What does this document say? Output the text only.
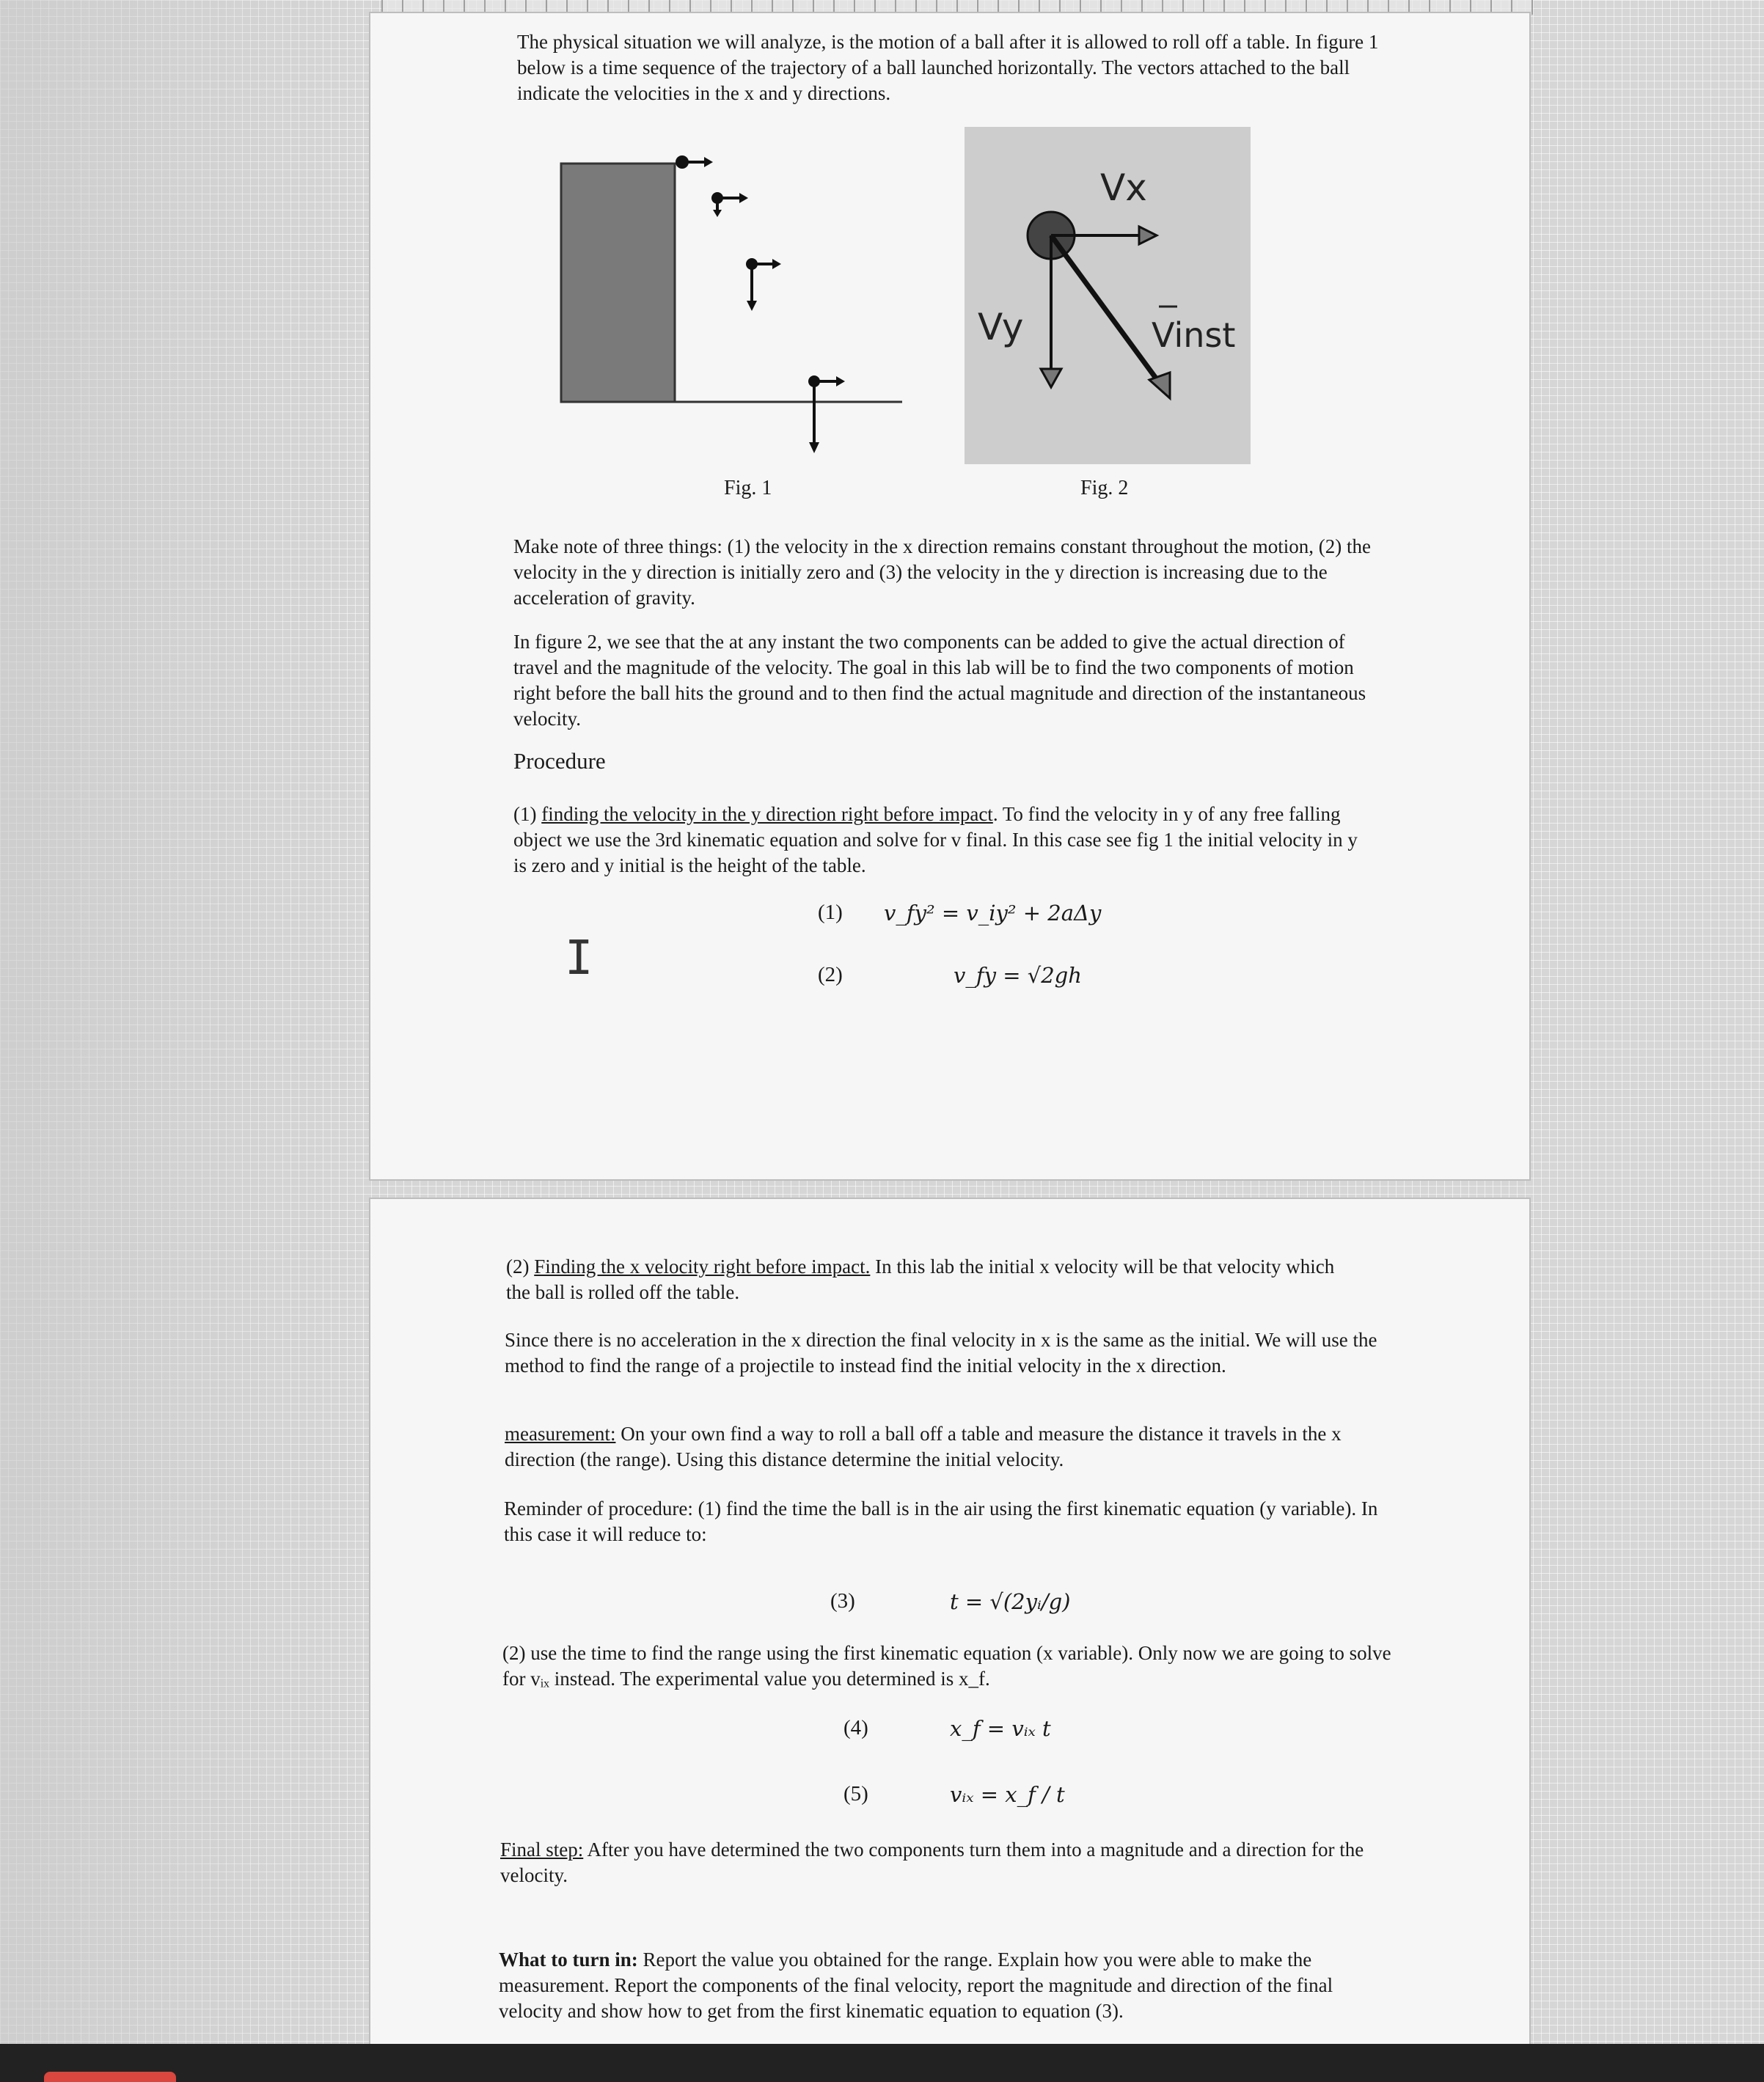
The physical situation we will analyze, is the motion of a ball after it is allowed to roll off a table. In figure 1 below is a time sequence of the trajectory of a ball launched horizontally. The vectors attached to the ball indicate the velocities in the x and y directions.

Fig. 1
Vx
Vy	Vinst
Fig. 2

Make note of three things: (1) the velocity in the x direction remains constant throughout the motion, (2) the velocity in the y direction is initially zero and (3) the velocity in the y direction is increasing due to the acceleration of gravity.

In figure 2, we see that the at any instant the two components can be added to give the actual direction of travel and the magnitude of the velocity. The goal in this lab will be to find the two components of motion right before the ball hits the ground and to then find the actual magnitude and direction of the instantaneous velocity.

Procedure

(1) finding the velocity in the y direction right before impact. To find the velocity in y of any free falling object we use the 3rd kinematic equation and solve for v final. In this case see fig 1 the initial velocity in y is zero and y initial is the height of the table.

(1) v_fy² = v_iy² + 2aΔy
(2)	v_fy = √2gh
I

(2) Finding the x velocity right before impact. In this lab the initial x velocity will be that velocity which the ball is rolled off the table.

Since there is no acceleration in the x direction the final velocity in x is the same as the initial. We will use the method to find the range of a projectile to instead find the initial velocity in the x direction.

measurement: On your own find a way to roll a ball off a table and measure the distance it travels in the x direction (the range). Using this distance determine the initial velocity.

Reminder of procedure: (1) find the time the ball is in the air using the first kinematic equation (y variable). In this case it will reduce to:

(3)	t = √(2yᵢ/g)

(2) use the time to find the range using the first kinematic equation (x variable). Only now we are going to solve for vᵢₓ instead. The experimental value you determined is x_f.

(4)	x_f = vᵢₓ t
(5)	vᵢₓ = x_f / t

Final step: After you have determined the two components turn them into a magnitude and a direction for the velocity.

What to turn in: Report the value you obtained for the range. Explain how you were able to make the measurement. Report the components of the final velocity, report the magnitude and direction of the final velocity and show how to get from the first kinematic equation to equation (3).
